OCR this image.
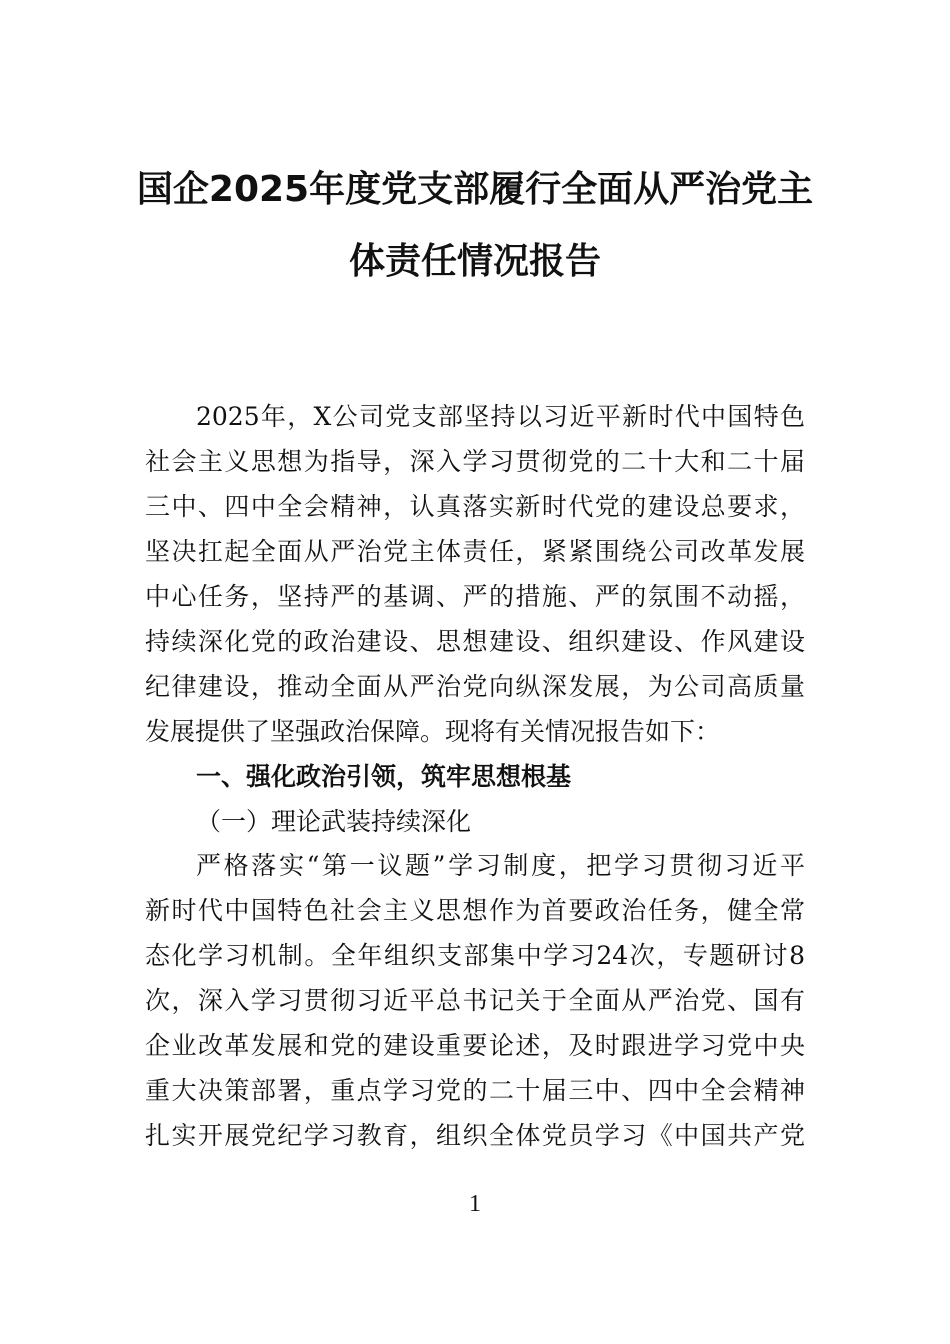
国企2025年度党支部履行全面从严治党主
体责任情况报告
2025年，X公司党支部坚持以习近平新时代中国特色
社会主义思想为指导，深入学习贯彻党的二十大和二十届
三中、四中全会精神，认真落实新时代党的建设总要求，
坚决扛起全面从严治党主体责任，紧紧围绕公司改革发展
中心任务，坚持严的基调、严的措施、严的氛围不动摇，
持续深化党的政治建设、思想建设、组织建设、作风建设
纪律建设，推动全面从严治党向纵深发展，为公司高质量
发展提供了坚强政治保障。现将有关情况报告如下：
一、强化政治引领，筑牢思想根基
（一）理论武装持续深化
严格落实“第一议题”学习制度，把学习贯彻习近平
新时代中国特色社会主义思想作为首要政治任务，健全常
态化学习机制。全年组织支部集中学习24次，专题研讨8
次，深入学习贯彻习近平总书记关于全面从严治党、国有
企业改革发展和党的建设重要论述，及时跟进学习党中央
重大决策部署，重点学习党的二十届三中、四中全会精神
扎实开展党纪学习教育，组织全体党员学习《中国共产党
1
